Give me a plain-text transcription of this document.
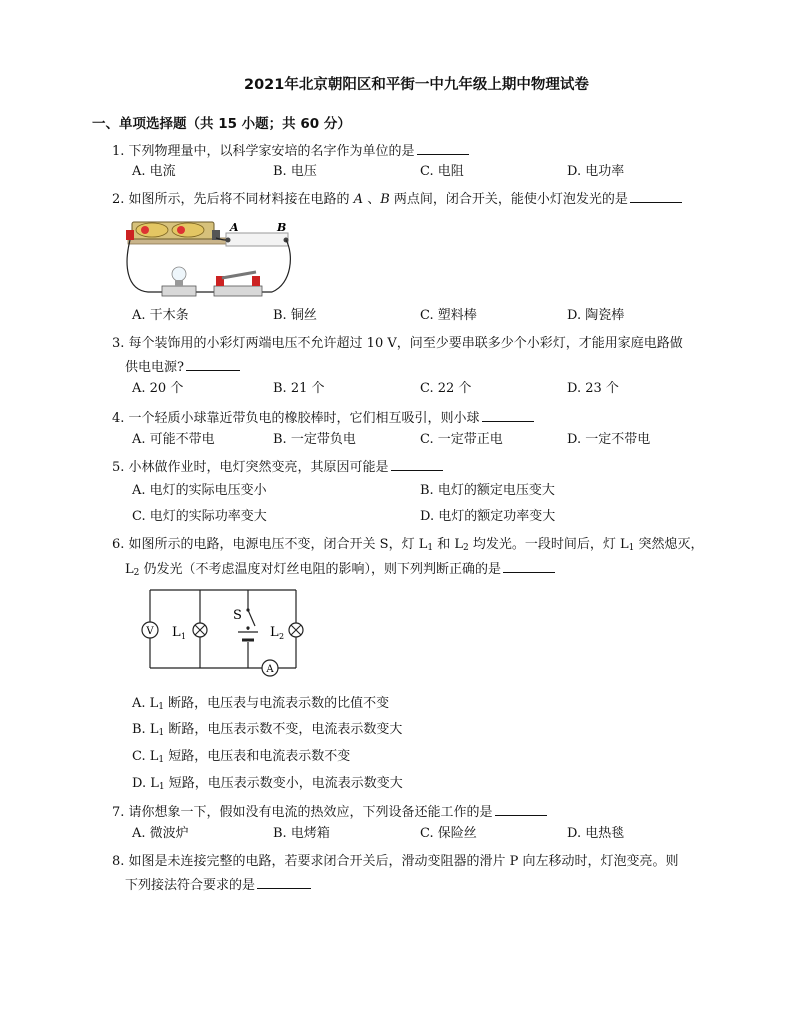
2021年北京朝阳区和平街一中九年级上期中物理试卷
一、单项选择题（共 15 小题；共 60 分）
1. 下列物理量中，以科学家安培的名字作为单位的是
A. 电流	B. 电压	C. 电阻	D. 电功率
2. 如图所示，先后将不同材料接在电路的 A 、B 两点间，闭合开关，能使小灯泡发光的是
A	B
A. 干木条	B. 铜丝	C. 塑料棒	D. 陶瓷棒
3. 每个装饰用的小彩灯两端电压不允许超过 10 V，问至少要串联多少个小彩灯，才能用家庭电路做
供电电源?
A. 20 个	B. 21 个	C. 22 个	D. 23 个
4. 一个轻质小球靠近带负电的橡胶棒时，它们相互吸引，则小球
A. 可能不带电	B. 一定带负电	C. 一定带正电	D. 一定不带电
5. 小林做作业时，电灯突然变亮，其原因可能是
A. 电灯的实际电压变小	B. 电灯的额定电压变大
C. 电灯的实际功率变大	D. 电灯的额定功率变大
6. 如图所示的电路，电源电压不变，闭合开关 S，灯 $L_1$ 和 $L_2$ 均发光。一段时间后，灯 $L_1$ 突然熄灭，
$L_2$ 仍发光（不考虑温度对灯丝电阻的影响），则下列判断正确的是
V L 1	L 2
S
A
A. $L_1$ 断路，电压表与电流表示数的比值不变
B. $L_1$ 断路，电压表示数不变，电流表示数变大
C. $L_1$ 短路，电压表和电流表示数不变
D. $L_1$ 短路，电压表示数变小，电流表示数变大
7. 请你想象一下，假如没有电流的热效应，下列设备还能工作的是
A. 微波炉	B. 电烤箱	C. 保险丝	D. 电热毯
8. 如图是未连接完整的电路，若要求闭合开关后，滑动变阻器的滑片 P 向左移动时，灯泡变亮。则
下列接法符合要求的是
